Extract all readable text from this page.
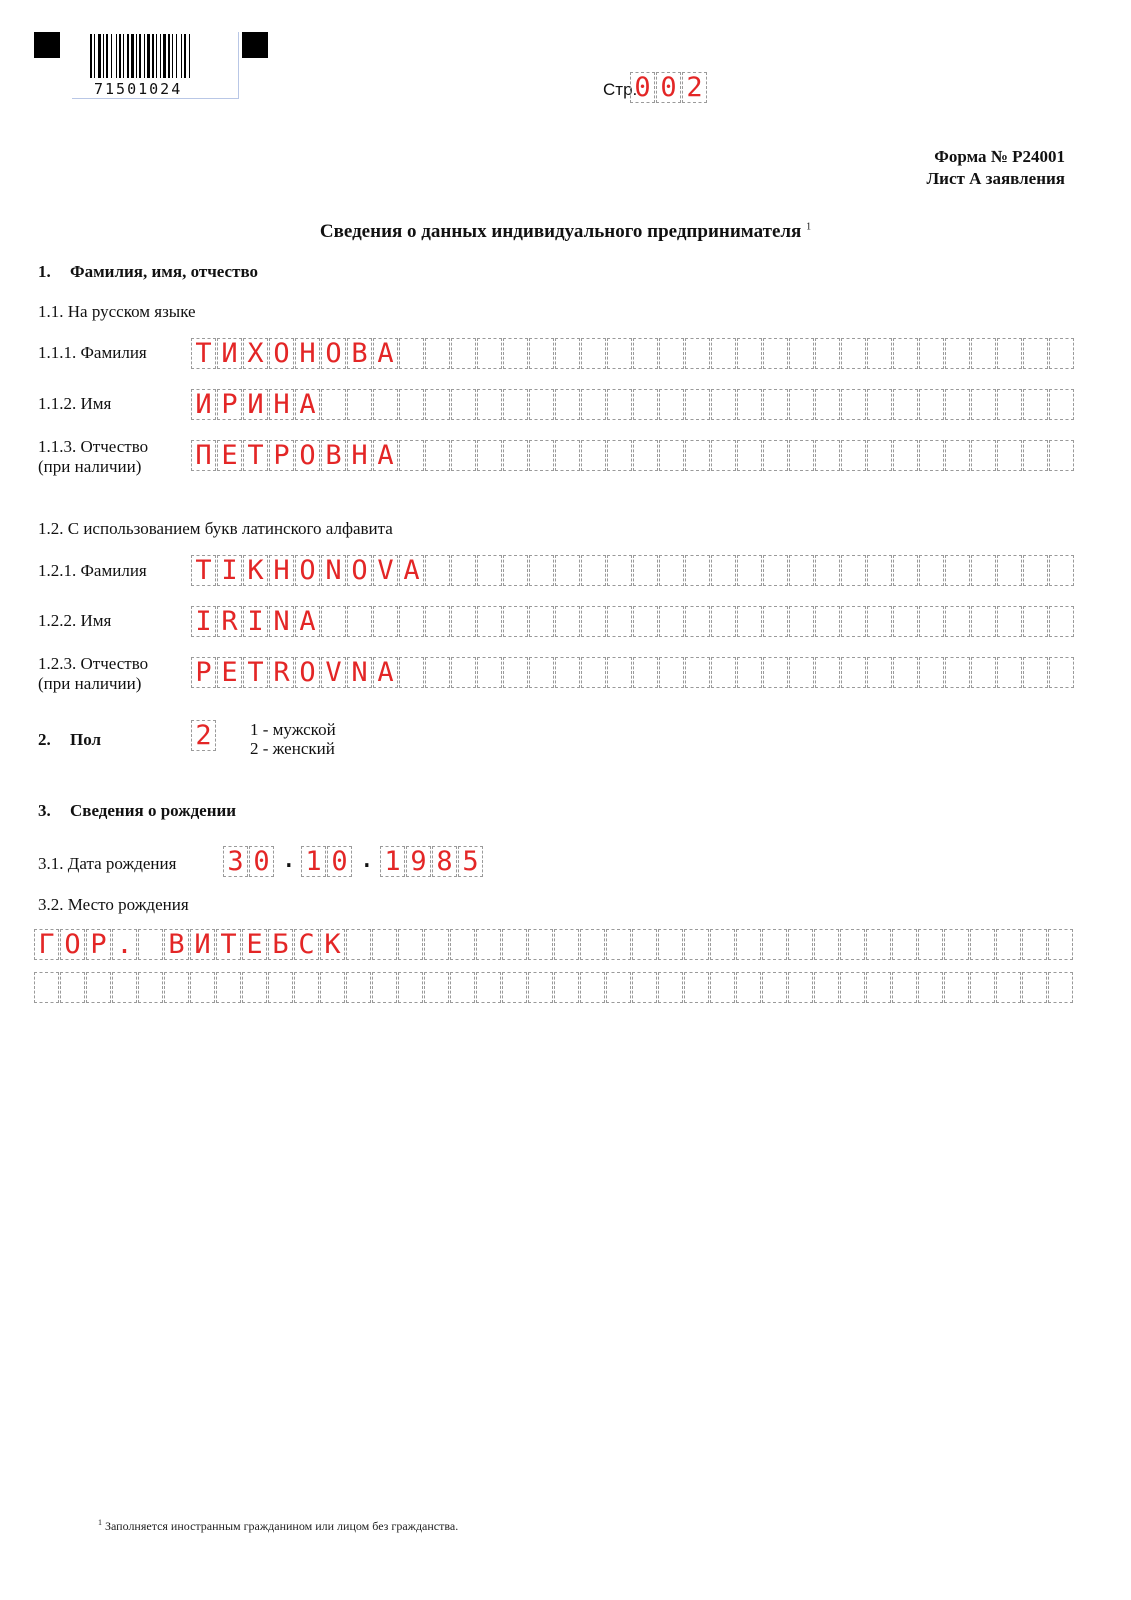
71501024	Стр.
0 0 2
Форма № Р24001
Лист А заявления
Сведения о данных индивидуального предпринимателя $^1$
1. Фамилия, имя, отчество
1.1. На русском языке
1.1.1. Фамилия Т И Х О Н О В А
1.1.2. Имя	И Р И Н А
1.1.3. Отчество
(при наличии) П Е Т Р О В Н А
1.2. С использованием букв латинского алфавита
1.2.1. Фамилия T I K H O N O V A
1.2.2. Имя	I R I N A
1.2.3. Отчество
(при наличии) P E T R O V N A
2. Пол	2 1 - мужской
2 - женский
3. Сведения о рождении
3.1. Дата рождения 3 0 . 1 0 . 1 9 8 5
3.2. Место рождения
Г О Р . В И Т Е Б С К
$^1$ Заполняется иностранным гражданином или лицом без гражданства.
